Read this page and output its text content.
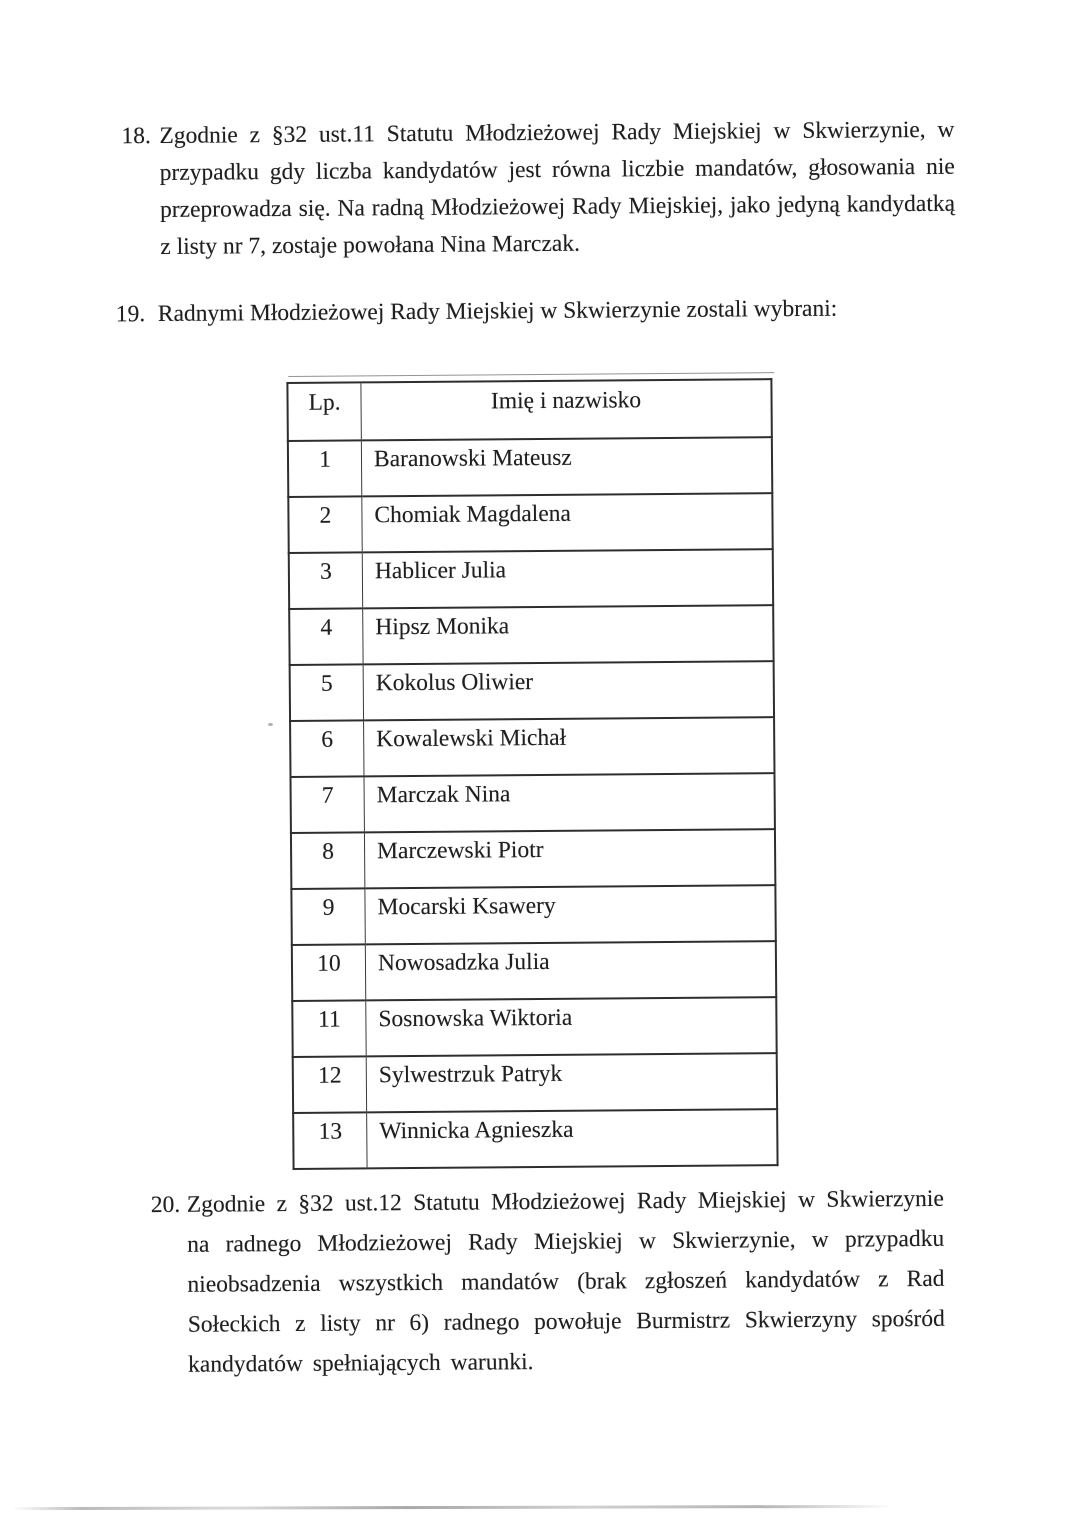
18. Zgodnie z §32 ust.11 Statutu Młodzieżowej Rady Miejskiej w Skwierzynie, w przypadku gdy liczba kandydatów jest równa liczbie mandatów, głosowania nie przeprowadza się. Na radną Młodzieżowej Rady Miejskiej, jako jedyną kandydatką z listy nr 7, zostaje powołana Nina Marczak.
19. Radnymi Młodzieżowej Rady Miejskiej w Skwierzynie zostali wybrani:
Lp.	Imię i nazwisko
1	Baranowski Mateusz
2	Chomiak Magdalena
3	Hablicer Julia
4	Hipsz Monika
5	Kokolus Oliwier
6	Kowalewski Michał
7	Marczak Nina
8	Marczewski Piotr
9	Mocarski Ksawery
10	Nowosadzka Julia
11	Sosnowska Wiktoria
12	Sylwestrzuk Patryk
13	Winnicka Agnieszka
20. Zgodnie z §32 ust.12 Statutu Młodzieżowej Rady Miejskiej w Skwierzynie na radnego Młodzieżowej Rady Miejskiej w Skwierzynie, w przypadku nieobsadzenia wszystkich mandatów (brak zgłoszeń kandydatów z Rad Sołeckich z listy nr 6) radnego powołuje Burmistrz Skwierzyny spośród kandydatów spełniających warunki.
